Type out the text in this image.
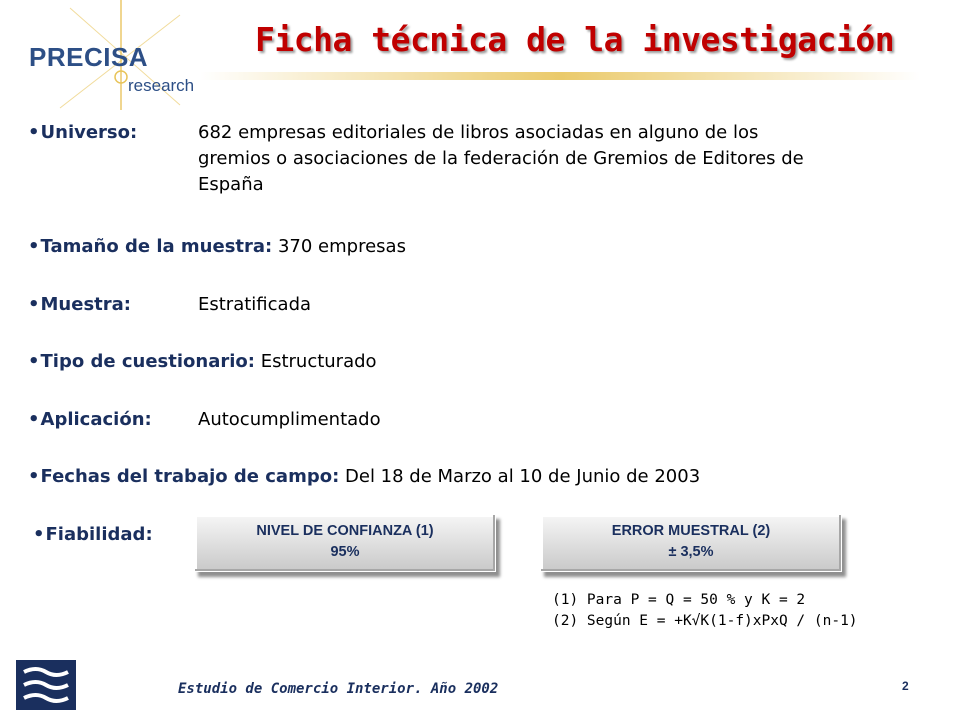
PRECISA
research
Ficha técnica de la investigación
•Universo:	682 empresas editoriales de libros asociadas en alguno de los
gremios o asociaciones de la federación de Gremios de Editores de
España
•Tamaño de la muestra: 370 empresas
•Muestra:	Estratificada
•Tipo de cuestionario: Estructurado
•Aplicación:	Autocumplimentado
•Fechas del trabajo de campo: Del 18 de Marzo al 10 de Junio de 2003
•Fiabilidad:	NIVEL DE CONFIANZA (1)
95%
ERROR MUESTRAL (2)
± 3,5%
(1) Para P = Q = 50 % y K = 2
(2) Según E = +K√K(1-f)xPxQ / (n-1)
Estudio de Comercio Interior. Año 2002	2
